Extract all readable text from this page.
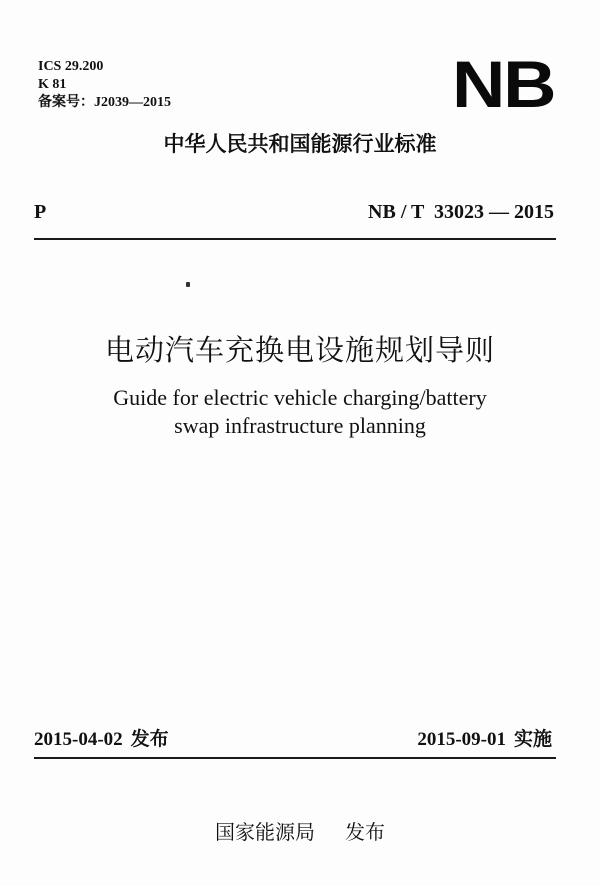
ICS 29.200
K 81
备案号：J2039—2015	NB
中华人民共和国能源行业标准
P	NB / T  33023 — 2015
电动汽车充换电设施规划导则
Guide for electric vehicle charging/battery
swap infrastructure planning
2015-04-02 发布	2015-09-01 实施
国家能源局 发布
